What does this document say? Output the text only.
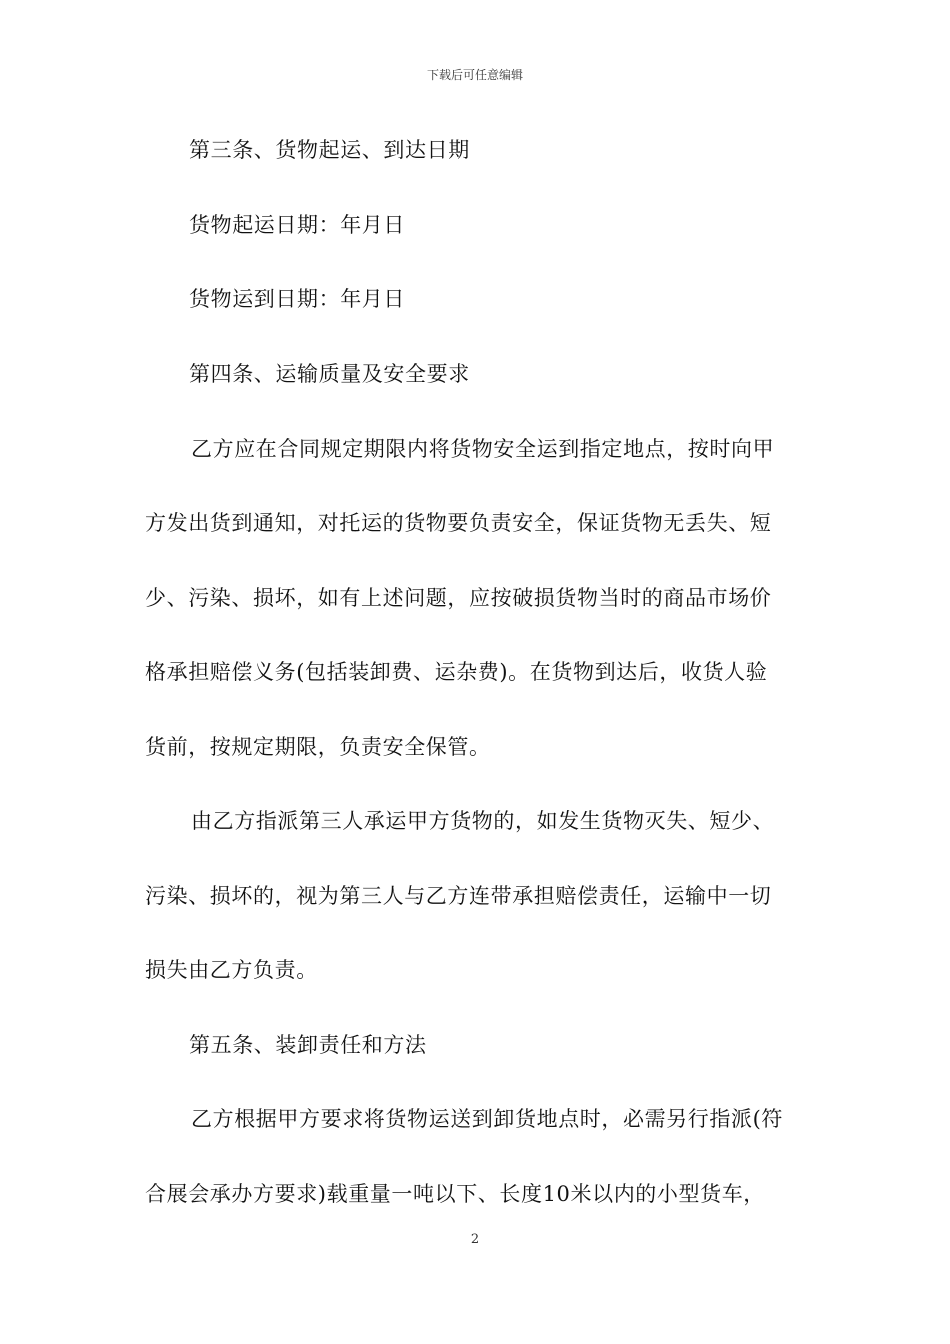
下载后可任意编辑
第三条、货物起运、到达日期
货物起运日期：年月日
货物运到日期：年月日
第四条、运输质量及安全要求
乙方应在合同规定期限内将货物安全运到指定地点，按时向甲
方发出货到通知，对托运的货物要负责安全，保证货物无丢失、短
少、污染、损坏，如有上述问题，应按破损货物当时的商品市场价
格承担赔偿义务(包括装卸费、运杂费)。在货物到达后，收货人验
货前，按规定期限，负责安全保管。
由乙方指派第三人承运甲方货物的，如发生货物灭失、短少、
污染、损坏的，视为第三人与乙方连带承担赔偿责任，运输中一切
损失由乙方负责。
第五条、装卸责任和方法
乙方根据甲方要求将货物运送到卸货地点时，必需另行指派(符
合展会承办方要求)载重量一吨以下、长度10米以内的小型货车，
2
